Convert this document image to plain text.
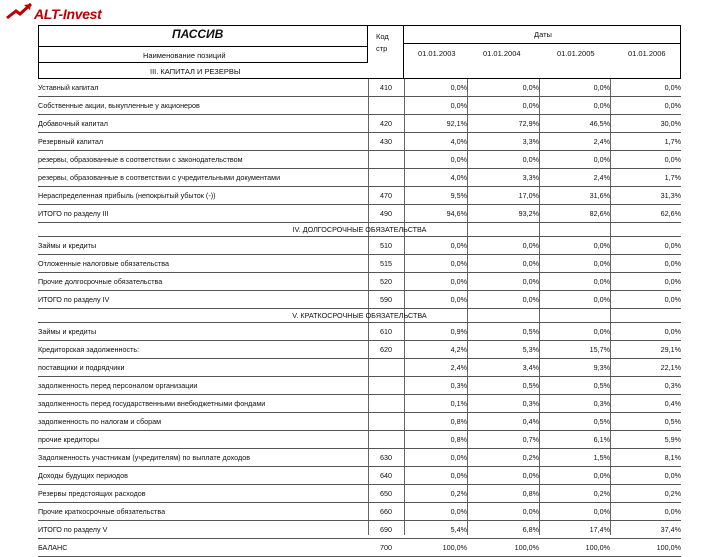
ALT-Invest
ПАССИВ
Наименование позиций
Код стр
Даты
01.01.2003	01.01.2004	01.01.2005	01.01.2006
Уставный капитал	410	0,0%	0,0%	0,0%	0,0%
Собственные акции, выкупленные у акционеров		0,0%	0,0%	0,0%	0,0%
Добавочный капитал	420	92,1%	72,9%	46,5%	30,0%
Резервный капитал	430	4,0%	3,3%	2,4%	1,7%
резервы, образованные в соответствии с законодательством		0,0%	0,0%	0,0%	0,0%
резервы, образованные в соответствии с учредительными документами		4,0%	3,3%	2,4%	1,7%
Нераспределенная прибыль (непокрытый убыток (-))	470	9,5%	17,0%	31,6%	31,3%
ИТОГО по разделу III	490	94,6%	93,2%	82,6%	62,6%
IV. ДОЛГОСРОЧНЫЕ ОБЯЗАТЕЛЬСТВА					
Займы и кредиты	510	0,0%	0,0%	0,0%	0,0%
Отложенные налоговые обязательства	515	0,0%	0,0%	0,0%	0,0%
Прочие долгосрочные обязательства	520	0,0%	0,0%	0,0%	0,0%
ИТОГО по разделу IV	590	0,0%	0,0%	0,0%	0,0%
V. КРАТКОСРОЧНЫЕ ОБЯЗАТЕЛЬСТВА					
Займы и кредиты	610	0,9%	0,5%	0,0%	0,0%
Кредиторская задолженность:	620	4,2%	5,3%	15,7%	29,1%
поставщики и подрядчики		2,4%	3,4%	9,3%	22,1%
задолженность перед персоналом организации		0,3%	0,5%	0,5%	0,3%
задолженность перед государственными внебюджетными фондами		0,1%	0,3%	0,3%	0,4%
задолженность по налогам и сборам		0,8%	0,4%	0,5%	0,5%
прочие кредиторы		0,8%	0,7%	6,1%	5,9%
Задолженность участникам (учредителям) по выплате доходов	630	0,0%	0,2%	1,5%	8,1%
Доходы будущих периодов	640	0,0%	0,0%	0,0%	0,0%
Резервы предстоящих расходов	650	0,2%	0,8%	0,2%	0,2%
Прочие краткосрочные обязательства	660	0,0%	0,0%	0,0%	0,0%
ИТОГО по разделу V	690	5,4%	6,8%	17,4%	37,4%
БАЛАНС	700	100,0%	100,0%	100,0%	100,0%
III. КАПИТАЛ И РЕЗЕРВЫ
